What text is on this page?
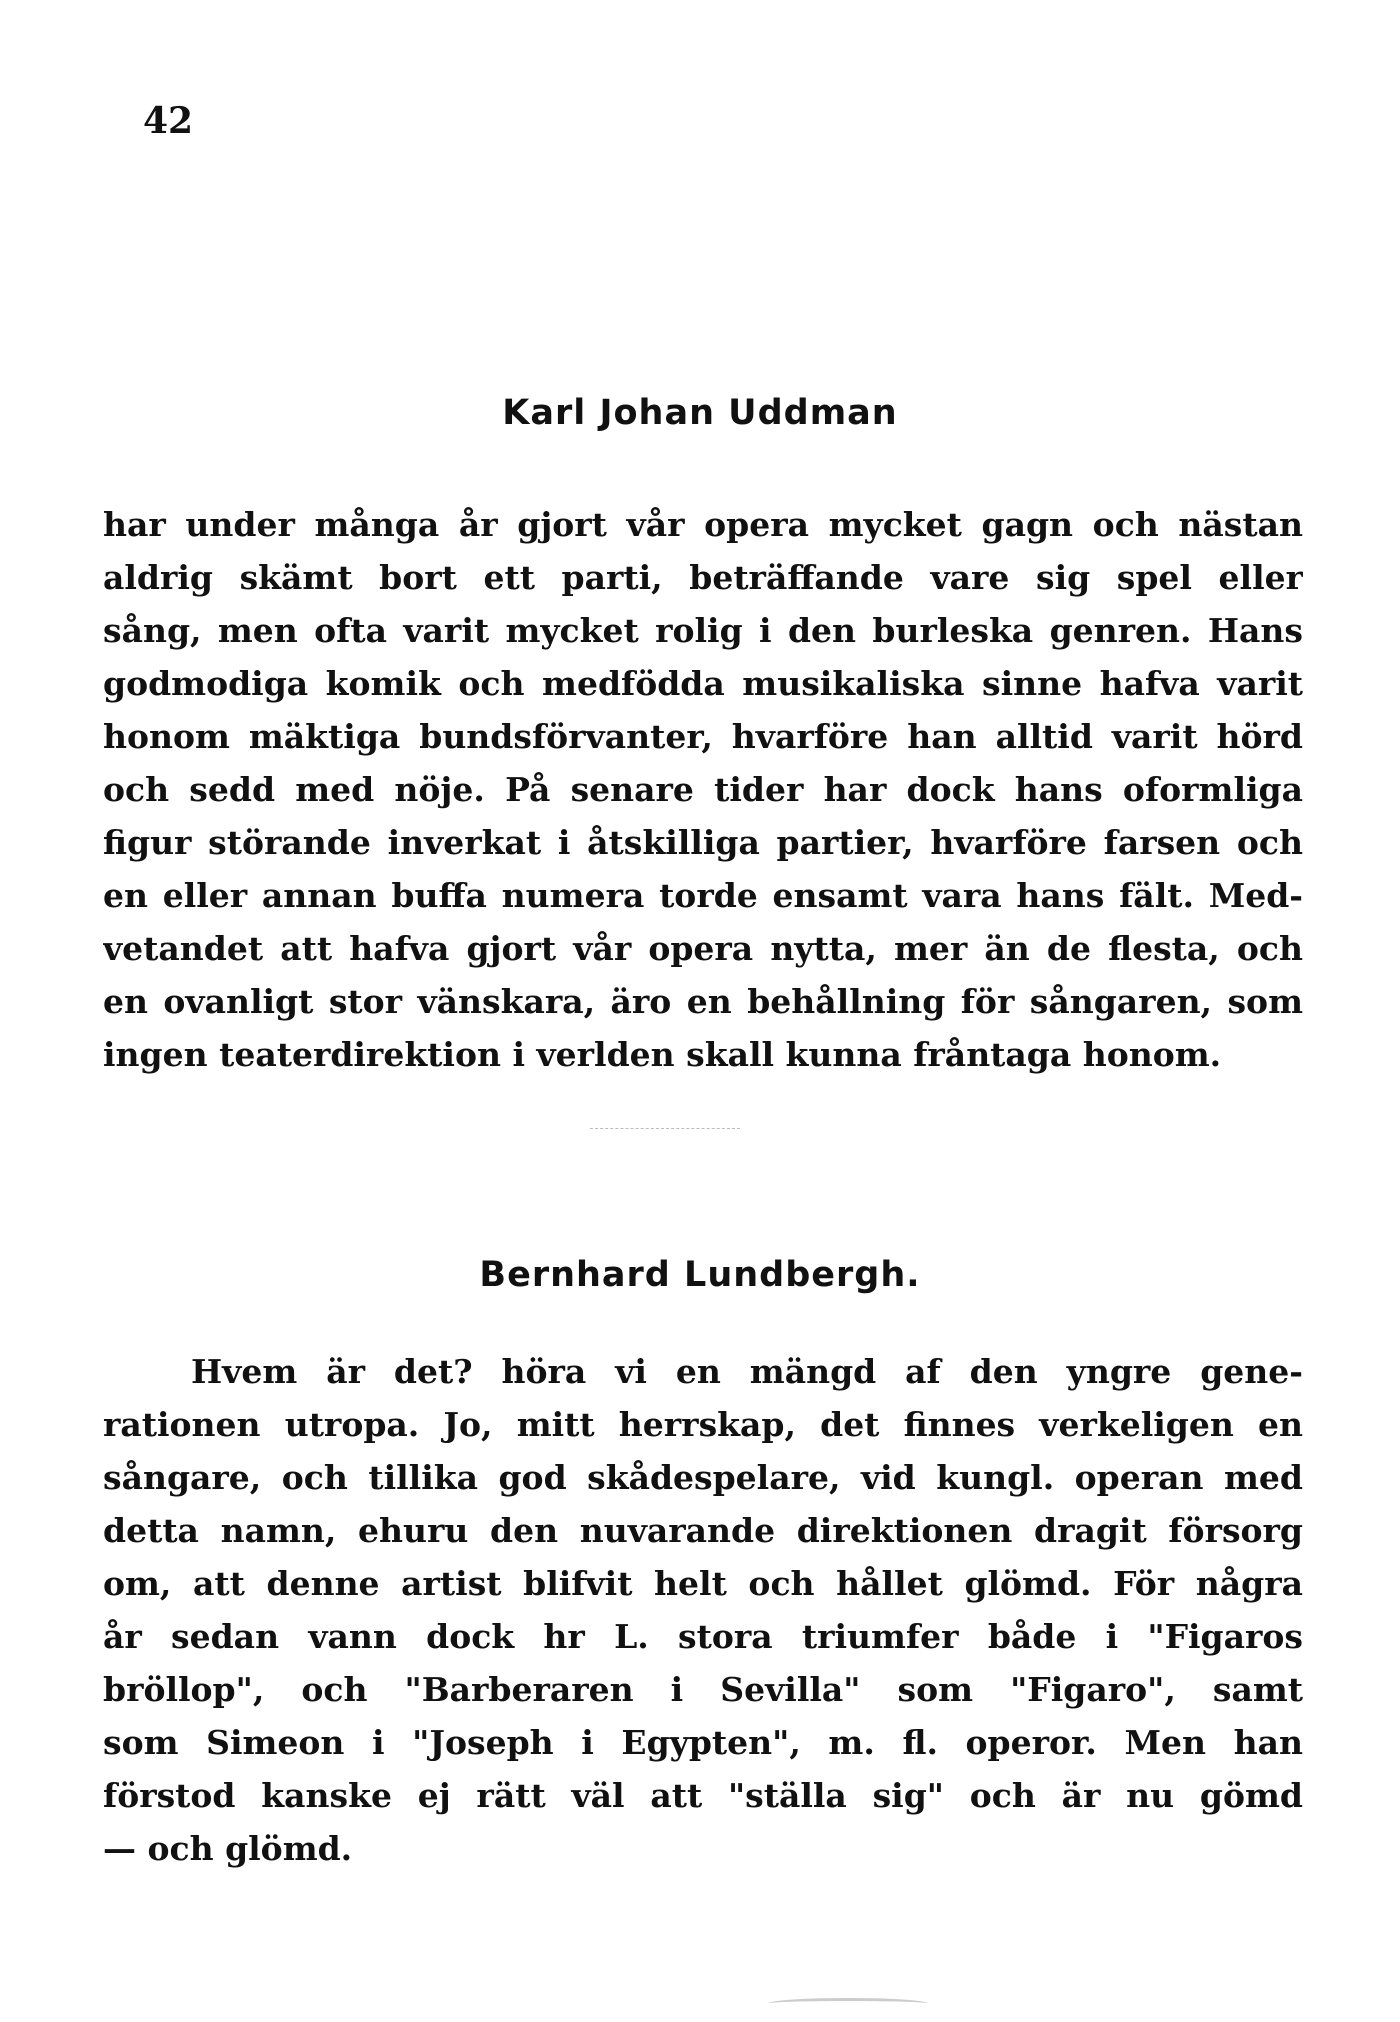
42
Karl Johan Uddman
har under många år gjort vår opera mycket gagn och nästan
aldrig skämt bort ett parti, beträffande vare sig spel eller
sång, men ofta varit mycket rolig i den burleska genren. Hans
godmodiga komik och medfödda musikaliska sinne hafva varit
honom mäktiga bundsförvanter, hvarföre han alltid varit hörd
och sedd med nöje. På senare tider har dock hans oformliga
figur störande inverkat i åtskilliga partier, hvarföre farsen och
en eller annan buffa numera torde ensamt vara hans fält. Med-
vetandet att hafva gjort vår opera nytta, mer än de flesta, och
en ovanligt stor vänskara, äro en behållning för sångaren, som
ingen teaterdirektion i verlden skall kunna fråntaga honom.
Bernhard Lundbergh.
Hvem är det? höra vi en mängd af den yngre gene-
rationen utropa. Jo, mitt herrskap, det finnes verkeligen en
sångare, och tillika god skådespelare, vid kungl. operan med
detta namn, ehuru den nuvarande direktionen dragit försorg
om, att denne artist blifvit helt och hållet glömd. För några
år sedan vann dock hr L. stora triumfer både i "Figaros
bröllop", och "Barberaren i Sevilla" som "Figaro", samt
som Simeon i "Joseph i Egypten", m. fl. operor. Men han
förstod kanske ej rätt väl att "ställa sig" och är nu gömd
— och glömd.
